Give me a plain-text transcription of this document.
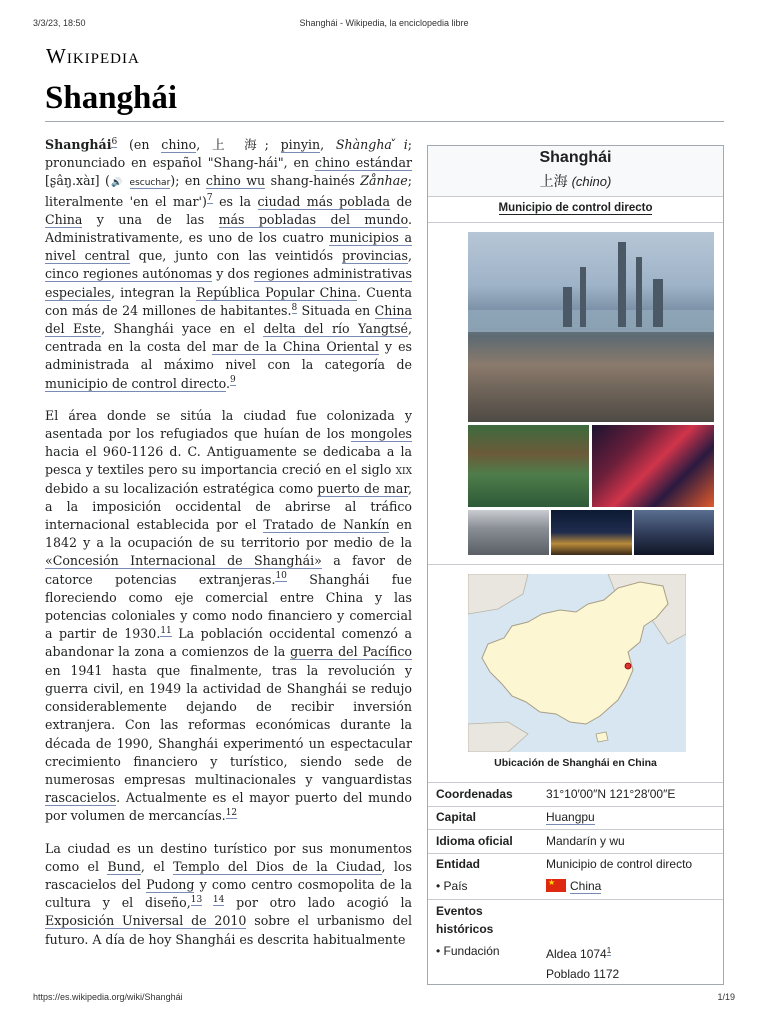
3/3/23, 18:50	Shanghái - Wikipedia, la enciclopedia libre
Wikipedia
Shanghái

Shanghái$^6$ (en chino, 上 海; pinyin, Shàngha ̌i; pronunciado en español "Shang-hái", en chino estándar [ʂâŋ.xàɪ] (🔊 escuchar); en chino wu shang-hainés Zånhae; literalmente 'en el mar')$^7$ es la ciudad más poblada de China y una de las más pobladas del mundo. Administrativamente, es uno de los cuatro municipios a nivel central que, junto con las veintidós provincias, cinco regiones autónomas y dos regiones administrativas especiales, integran la República Popular China. Cuenta con más de 24 millones de habitantes.$^8$ Situada en China del Este, Shanghái yace en el delta del río Yangtsé, centrada en la costa del mar de la China Oriental y es administrada al máximo nivel con la categoría de municipio de control directo.$^9$

El área donde se sitúa la ciudad fue colonizada y asentada por los refugiados que huían de los mongoles hacia el 960-1126 d. C. Antiguamente se dedicaba a la pesca y textiles pero su importancia creció en el siglo xix debido a su localización estratégica como puerto de mar, a la imposición occidental de abrirse al tráfico internacional establecida por el Tratado de Nankín en 1842 y a la ocupación de su territorio por medio de la «Concesión Internacional de Shanghái» a favor de catorce potencias extranjeras.$^{10}$ Shanghái fue floreciendo como eje comercial entre China y las potencias coloniales y como nodo financiero y comercial a partir de 1930.11 La población occidental comenzó a abandonar la zona a comienzos de la guerra del Pacífico en 1941 hasta que finalmente, tras la revolución y guerra civil, en 1949 la actividad de Shanghái se redujo considerablemente dejando de recibir inversión extranjera. Con las reformas económicas durante la década de 1990, Shanghái experimentó un espectacular crecimiento financiero y turístico, siendo sede de numerosas empresas multinacionales y vanguardistas rascacielos. Actualmente es el mayor puerto del mundo por volumen de mercancías.$^{12}$

La ciudad es un destino turístico por sus monumentos como el Bund, el Templo del Dios de la Ciudad, los rascacielos del Pudong y como centro cosmopolita de la cultura y el diseño,$^{13}$ $^{14}$ por otro lado acogió la Exposición Universal de 2010 sobre el urbanismo del futuro. A día de hoy Shanghái es descrita habitualmente

Shanghái
上海 (chino)
Municipio de control directo
Ubicación de Shanghái en China
Coordenadas	31°10′00″N 121°28′00″E
Capital	Huangpu
Idioma oficial	Mandarín y wu
Entidad	Municipio de control directo
• País
★	China
Eventos históricos
• Fundación	Aldea 1074$^1$
Poblado 1172
https://es.wikipedia.org/wiki/Shanghái	1/19
